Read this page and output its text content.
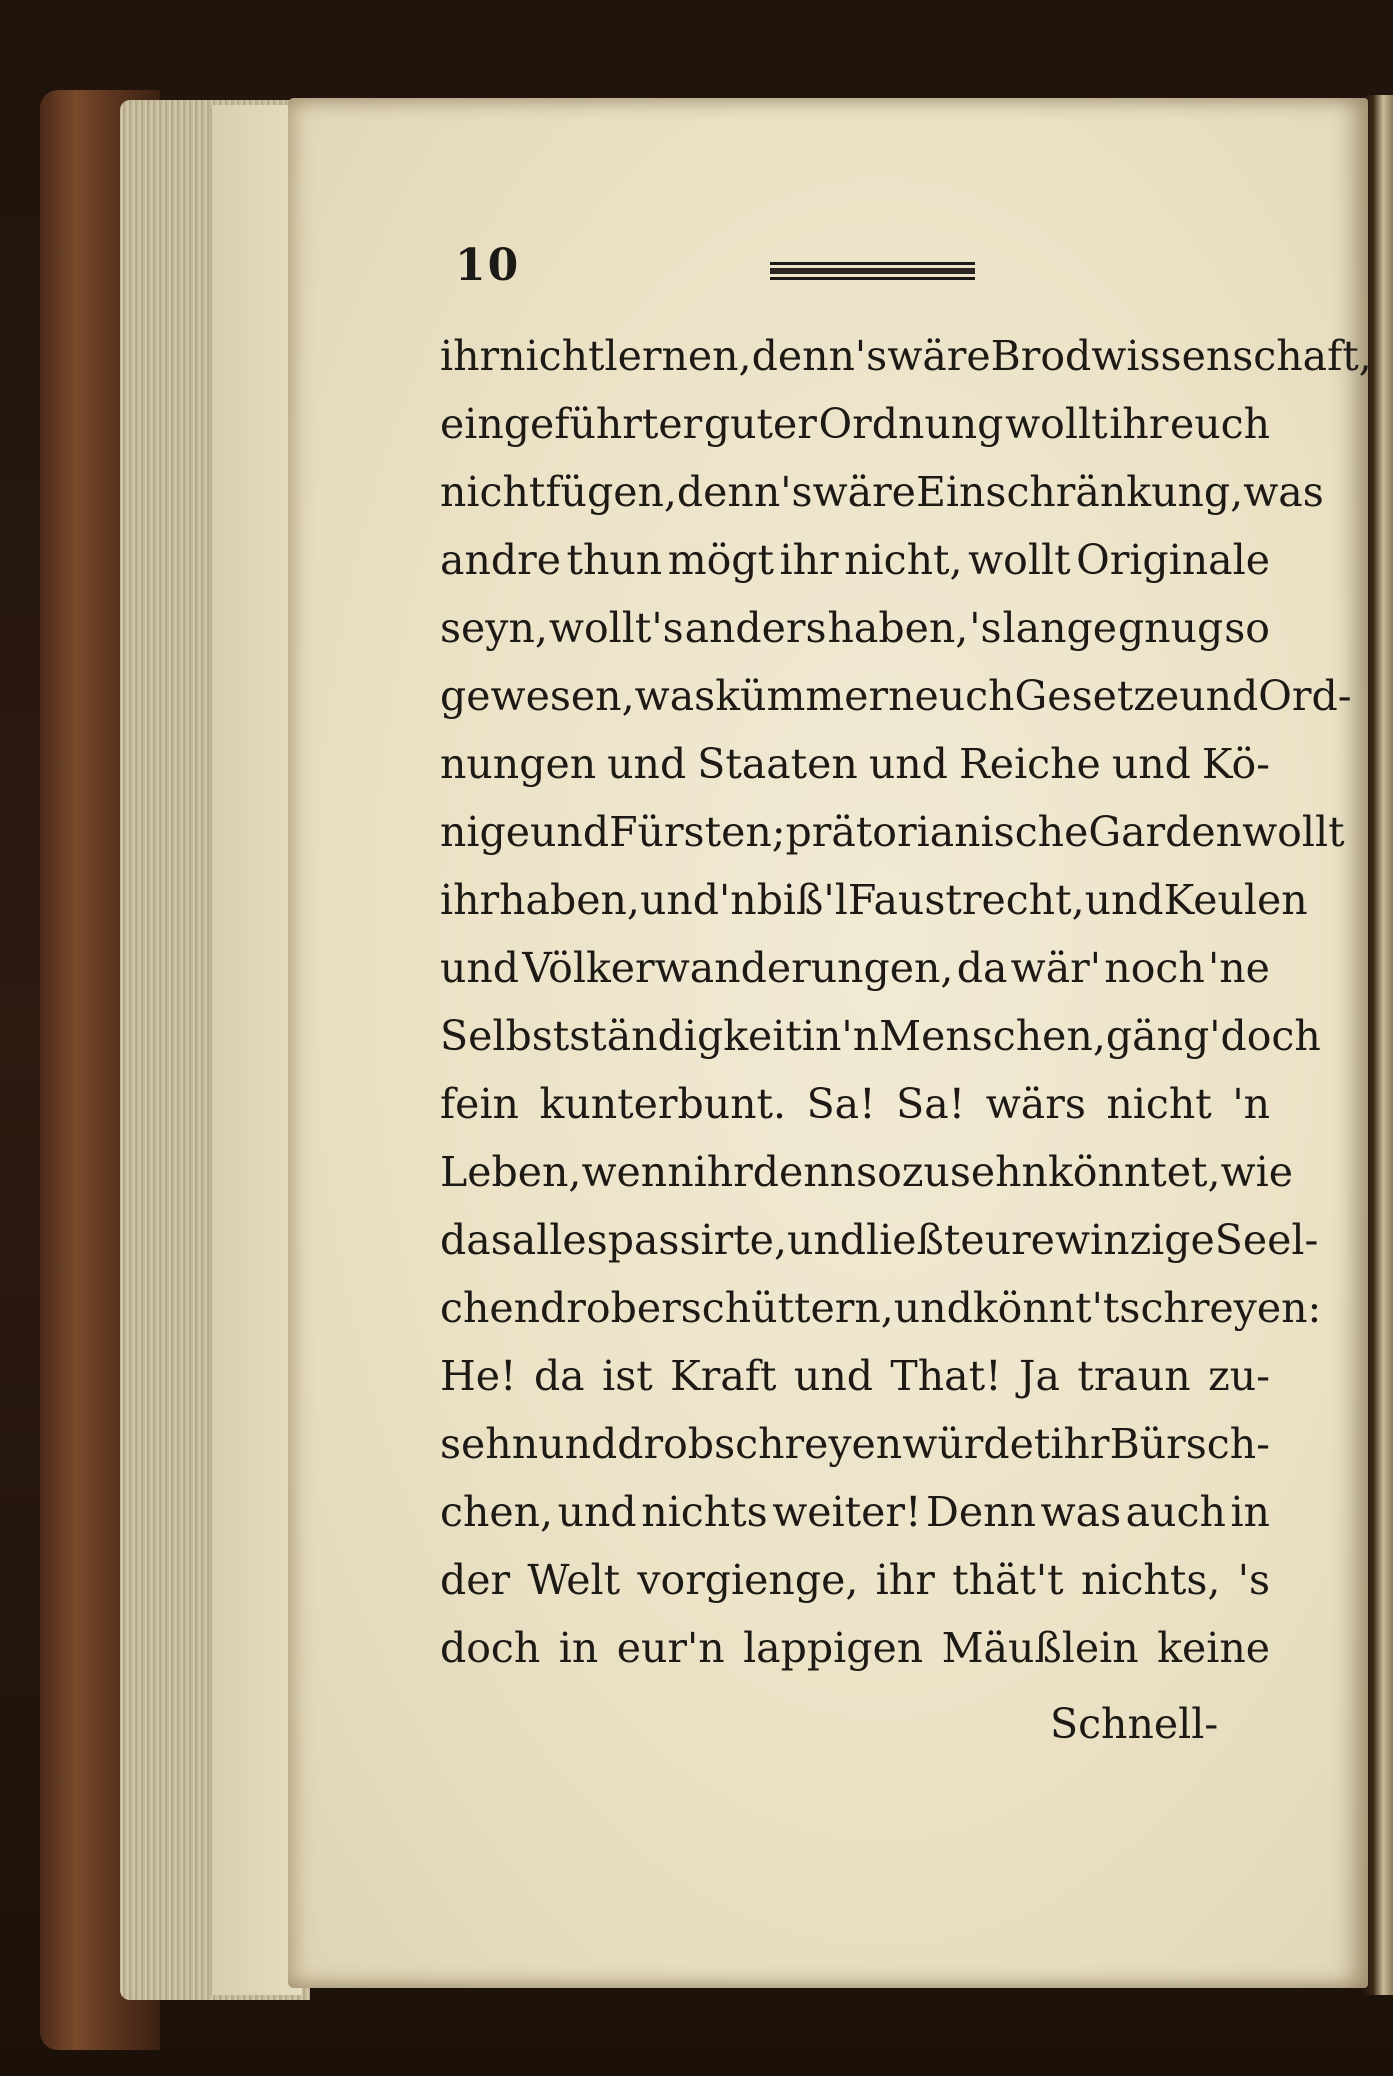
10
ihr nicht lernen, denn's wäre Brodwissenschaft,
eingeführter guter Ordnung wollt ihr euch
nicht fügen, denn's wäre Einschränkung, was
andre thun mögt ihr nicht, wollt Originale
seyn, wollt's anders haben, 's lange gnug so
gewesen, was kümmern euch Gesetze und Ord-
nungen und Staaten und Reiche und Kö-
nige und Fürsten; prätorianische Garden wollt
ihr haben, und 'n biß'l Faustrecht, und Keulen
und Völkerwanderungen, da wär' noch 'ne
Selbstständigkeit in'n Menschen, gäng' doch
fein kunterbunt. Sa! Sa! wärs nicht 'n
Leben, wenn ihr denn so zusehn könntet, wie
das alles passirte, und ließt eure winzige Seel-
chen drob erschüttern, und könnt't schreyen:
He! da ist Kraft und That! Ja traun zu-
sehn und drob schreyen würdet ihr Bürsch-
chen, und nichts weiter! Denn was auch in
der Welt vorgienge, ihr thät't nichts, 's
doch in eur'n lappigen Mäußlein keine
Schnell-
